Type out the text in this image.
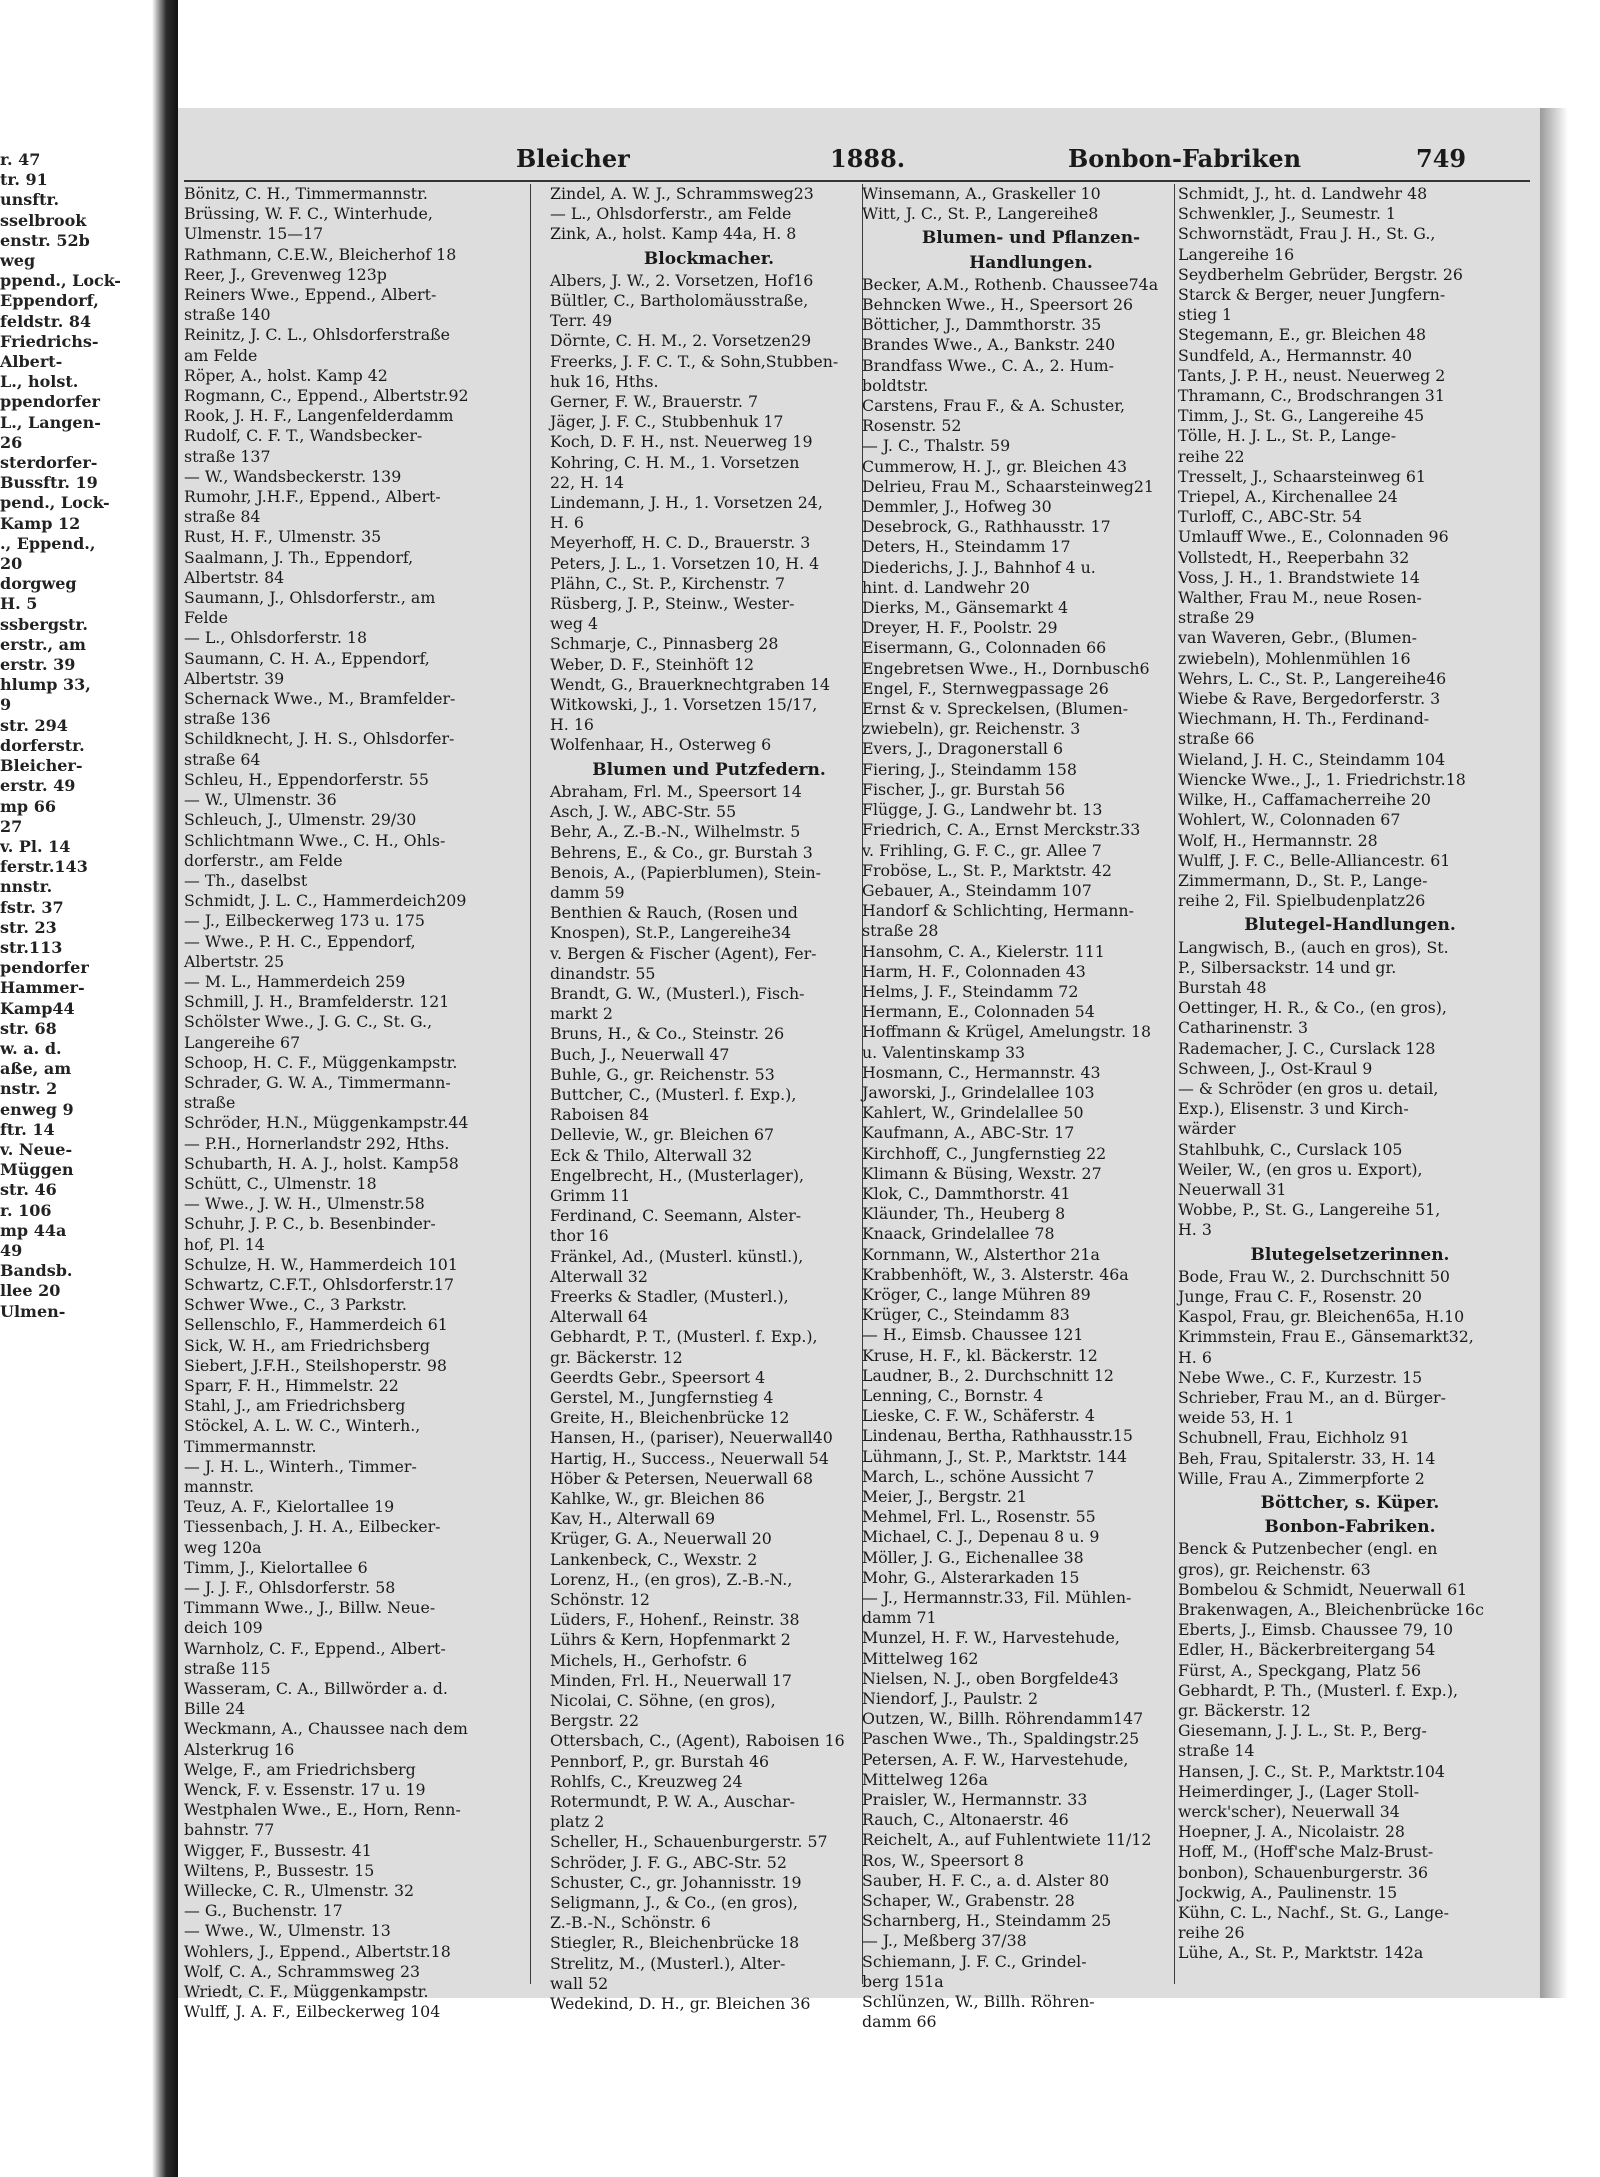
r. 47
tr. 91
unsftr.
sselbrook
enstr. 52b
weg
ppend., Lock-
Eppendorf,
feldstr. 84
Friedrichs-
Albert-
L., holst.
ppendorfer
L., Langen-
26
sterdorfer-
Bussftr. 19
pend., Lock-
Kamp 12
., Eppend.,
20
dorgweg
H. 5
ssbergstr.
erstr., am
erstr. 39
hlump 33,
9
str. 294
dorferstr.
Bleicher-
erstr. 49
mp 66
27
v. Pl. 14
ferstr.143
nnstr.
fstr. 37
str. 23
str.113
pendorfer
Hammer-
Kamp44
str. 68
w. a. d.
aße, am
nstr. 2
enweg 9
ftr. 14
v. Neue-
Müggen
str. 46
r. 106
mp 44a
49
Bandsb.
llee 20
Ulmen-
Bleicher	1888.	Bonbon-Fabriken	749
Bönitz, C. H., Timmermannstr.
Brüssing, W. F. C., Winterhude,
Ulmenstr. 15—17
Rathmann, C.E.W., Bleicherhof 18
Reer, J., Grevenweg 123p
Reiners Wwe., Eppend., Albert-
straße 140
Reinitz, J. C. L., Ohlsdorferstraße
am Felde
Röper, A., holst. Kamp 42
Rogmann, C., Eppend., Albertstr.92
Rook, J. H. F., Langenfelderdamm
Rudolf, C. F. T., Wandsbecker-
straße 137
— W., Wandsbeckerstr. 139
Rumohr, J.H.F., Eppend., Albert-
straße 84
Rust, H. F., Ulmenstr. 35
Saalmann, J. Th., Eppendorf,
Albertstr. 84
Saumann, J., Ohlsdorferstr., am
Felde
— L., Ohlsdorferstr. 18
Saumann, C. H. A., Eppendorf,
Albertstr. 39
Schernack Wwe., M., Bramfelder-
straße 136
Schildknecht, J. H. S., Ohlsdorfer-
straße 64
Schleu, H., Eppendorferstr. 55
— W., Ulmenstr. 36
Schleuch, J., Ulmenstr. 29/30
Schlichtmann Wwe., C. H., Ohls-
dorferstr., am Felde
— Th., daselbst
Schmidt, J. L. C., Hammerdeich209
— J., Eilbeckerweg 173 u. 175
— Wwe., P. H. C., Eppendorf,
Albertstr. 25
— M. L., Hammerdeich 259
Schmill, J. H., Bramfelderstr. 121
Schölster Wwe., J. G. C., St. G.,
Langereihe 67
Schoop, H. C. F., Müggenkampstr.
Schrader, G. W. A., Timmermann-
straße
Schröder, H.N., Müggenkampstr.44
— P.H., Hornerlandstr 292, Hths.
Schubarth, H. A. J., holst. Kamp58
Schütt, C., Ulmenstr. 18
— Wwe., J. W. H., Ulmenstr.58
Schuhr, J. P. C., b. Besenbinder-
hof, Pl. 14
Schulze, H. W., Hammerdeich 101
Schwartz, C.F.T., Ohlsdorferstr.17
Schwer Wwe., C., 3 Parkstr.
Sellenschlo, F., Hammerdeich 61
Sick, W. H., am Friedrichsberg
Siebert, J.F.H., Steilshoperstr. 98
Sparr, F. H., Himmelstr. 22
Stahl, J., am Friedrichsberg
Stöckel, A. L. W. C., Winterh.,
Timmermannstr.
— J. H. L., Winterh., Timmer-
mannstr.
Teuz, A. F., Kielortallee 19
Tiessenbach, J. H. A., Eilbecker-
weg 120a
Timm, J., Kielortallee 6
— J. J. F., Ohlsdorferstr. 58
Timmann Wwe., J., Billw. Neue-
deich 109
Warnholz, C. F., Eppend., Albert-
straße 115
Wasseram, C. A., Billwörder a. d.
Bille 24
Weckmann, A., Chaussee nach dem
Alsterkrug 16
Welge, F., am Friedrichsberg
Wenck, F. v. Essenstr. 17 u. 19
Westphalen Wwe., E., Horn, Renn-
bahnstr. 77
Wigger, F., Bussestr. 41
Wiltens, P., Bussestr. 15
Willecke, C. R., Ulmenstr. 32
— G., Buchenstr. 17
— Wwe., W., Ulmenstr. 13
Wohlers, J., Eppend., Albertstr.18
Wolf, C. A., Schrammsweg 23
Wriedt, C. F., Müggenkampstr.
Wulff, J. A. F., Eilbeckerweg 104
Zindel, A. W. J., Schrammsweg23
— L., Ohlsdorferstr., am Felde
Zink, A., holst. Kamp 44a, H. 8
Blockmacher.
Albers, J. W., 2. Vorsetzen, Hof16
Bültler, C., Bartholomäusstraße,
Terr. 49
Dörnte, C. H. M., 2. Vorsetzen29
Freerks, J. F. C. T., & Sohn,Stubben-
huk 16, Hths.
Gerner, F. W., Brauerstr. 7
Jäger, J. F. C., Stubbenhuk 17
Koch, D. F. H., nst. Neuerweg 19
Kohring, C. H. M., 1. Vorsetzen
22, H. 14
Lindemann, J. H., 1. Vorsetzen 24,
H. 6
Meyerhoff, H. C. D., Brauerstr. 3
Peters, J. L., 1. Vorsetzen 10, H. 4
Plähn, C., St. P., Kirchenstr. 7
Rüsberg, J. P., Steinw., Wester-
weg 4
Schmarje, C., Pinnasberg 28
Weber, D. F., Steinhöft 12
Wendt, G., Brauerknechtgraben 14
Witkowski, J., 1. Vorsetzen 15/17,
H. 16
Wolfenhaar, H., Osterweg 6
Blumen und Putzfedern.
Abraham, Frl. M., Speersort 14
Asch, J. W., ABC-Str. 55
Behr, A., Z.-B.-N., Wilhelmstr. 5
Behrens, E., & Co., gr. Burstah 3
Benois, A., (Papierblumen), Stein-
damm 59
Benthien & Rauch, (Rosen und
Knospen), St.P., Langereihe34
v. Bergen & Fischer (Agent), Fer-
dinandstr. 55
Brandt, G. W., (Musterl.), Fisch-
markt 2
Bruns, H., & Co., Steinstr. 26
Buch, J., Neuerwall 47
Buhle, G., gr. Reichenstr. 53
Buttcher, C., (Musterl. f. Exp.),
Raboisen 84
Dellevie, W., gr. Bleichen 67
Eck & Thilo, Alterwall 32
Engelbrecht, H., (Musterlager),
Grimm 11
Ferdinand, C. Seemann, Alster-
thor 16
Fränkel, Ad., (Musterl. künstl.),
Alterwall 32
Freerks & Stadler, (Musterl.),
Alterwall 64
Gebhardt, P. T., (Musterl. f. Exp.),
gr. Bäckerstr. 12
Geerdts Gebr., Speersort 4
Gerstel, M., Jungfernstieg 4
Greite, H., Bleichenbrücke 12
Hansen, H., (pariser), Neuerwall40
Hartig, H., Success., Neuerwall 54
Höber & Petersen, Neuerwall 68
Kahlke, W., gr. Bleichen 86
Kav, H., Alterwall 69
Krüger, G. A., Neuerwall 20
Lankenbeck, C., Wexstr. 2
Lorenz, H., (en gros), Z.-B.-N.,
Schönstr. 12
Lüders, F., Hohenf., Reinstr. 38
Lührs & Kern, Hopfenmarkt 2
Michels, H., Gerhofstr. 6
Minden, Frl. H., Neuerwall 17
Nicolai, C. Söhne, (en gros),
Bergstr. 22
Ottersbach, C., (Agent), Raboisen 16
Pennborf, P., gr. Burstah 46
Rohlfs, C., Kreuzweg 24
Rotermundt, P. W. A., Auschar-
platz 2
Scheller, H., Schauenburgerstr. 57
Schröder, J. F. G., ABC-Str. 52
Schuster, C., gr. Johannisstr. 19
Seligmann, J., & Co., (en gros),
Z.-B.-N., Schönstr. 6
Stiegler, R., Bleichenbrücke 18
Strelitz, M., (Musterl.), Alter-
wall 52
Wedekind, D. H., gr. Bleichen 36
Winsemann, A., Graskeller 10
Witt, J. C., St. P., Langereihe8
Blumen- und Pflanzen-
Handlungen.
Becker, A.M., Rothenb. Chaussee74a
Behncken Wwe., H., Speersort 26
Bötticher, J., Dammthorstr. 35
Brandes Wwe., A., Bankstr. 240
Brandfass Wwe., C. A., 2. Hum-
boldtstr.
Carstens, Frau F., & A. Schuster,
Rosenstr. 52
— J. C., Thalstr. 59
Cummerow, H. J., gr. Bleichen 43
Delrieu, Frau M., Schaarsteinweg21
Demmler, J., Hofweg 30
Desebrock, G., Rathhausstr. 17
Deters, H., Steindamm 17
Diederichs, J. J., Bahnhof 4 u.
hint. d. Landwehr 20
Dierks, M., Gänsemarkt 4
Dreyer, H. F., Poolstr. 29
Eisermann, G., Colonnaden 66
Engebretsen Wwe., H., Dornbusch6
Engel, F., Sternwegpassage 26
Ernst & v. Spreckelsen, (Blumen-
zwiebeln), gr. Reichenstr. 3
Evers, J., Dragonerstall 6
Fiering, J., Steindamm 158
Fischer, J., gr. Burstah 56
Flügge, J. G., Landwehr bt. 13
Friedrich, C. A., Ernst Merckstr.33
v. Frihling, G. F. C., gr. Allee 7
Froböse, L., St. P., Marktstr. 42
Gebauer, A., Steindamm 107
Handorf & Schlichting, Hermann-
straße 28
Hansohm, C. A., Kielerstr. 111
Harm, H. F., Colonnaden 43
Helms, J. F., Steindamm 72
Hermann, E., Colonnaden 54
Hoffmann & Krügel, Amelungstr. 18
u. Valentinskamp 33
Hosmann, C., Hermannstr. 43
Jaworski, J., Grindelallee 103
Kahlert, W., Grindelallee 50
Kaufmann, A., ABC-Str. 17
Kirchhoff, C., Jungfernstieg 22
Klimann & Büsing, Wexstr. 27
Klok, C., Dammthorstr. 41
Kläunder, Th., Heuberg 8
Knaack, Grindelallee 78
Kornmann, W., Alsterthor 21a
Krabbenhöft, W., 3. Alsterstr. 46a
Kröger, C., lange Mühren 89
Krüger, C., Steindamm 83
— H., Eimsb. Chaussee 121
Kruse, H. F., kl. Bäckerstr. 12
Laudner, B., 2. Durchschnitt 12
Lenning, C., Bornstr. 4
Lieske, C. F. W., Schäferstr. 4
Lindenau, Bertha, Rathhausstr.15
Lühmann, J., St. P., Marktstr. 144
March, L., schöne Aussicht 7
Meier, J., Bergstr. 21
Mehmel, Frl. L., Rosenstr. 55
Michael, C. J., Depenau 8 u. 9
Möller, J. G., Eichenallee 38
Mohr, G., Alsterarkaden 15
— J., Hermannstr.33, Fil. Mühlen-
damm 71
Munzel, H. F. W., Harvestehude,
Mittelweg 162
Nielsen, N. J., oben Borgfelde43
Niendorf, J., Paulstr. 2
Outzen, W., Billh. Röhrendamm147
Paschen Wwe., Th., Spaldingstr.25
Petersen, A. F. W., Harvestehude,
Mittelweg 126a
Praisler, W., Hermannstr. 33
Rauch, C., Altonaerstr. 46
Reichelt, A., auf Fuhlentwiete 11/12
Ros, W., Speersort 8
Sauber, H. F. C., a. d. Alster 80
Schaper, W., Grabenstr. 28
Scharnberg, H., Steindamm 25
— J., Meßberg 37/38
Schiemann, J. F. C., Grindel-
berg 151a
Schlünzen, W., Billh. Röhren-
damm 66
Schmidt, J., ht. d. Landwehr 48
Schwenkler, J., Seumestr. 1
Schwornstädt, Frau J. H., St. G.,
Langereihe 16
Seydberhelm Gebrüder, Bergstr. 26
Starck & Berger, neuer Jungfern-
stieg 1
Stegemann, E., gr. Bleichen 48
Sundfeld, A., Hermannstr. 40
Tants, J. P. H., neust. Neuerweg 2
Thramann, C., Brodschrangen 31
Timm, J., St. G., Langereihe 45
Tölle, H. J. L., St. P., Lange-
reihe 22
Tresselt, J., Schaarsteinweg 61
Triepel, A., Kirchenallee 24
Turloff, C., ABC-Str. 54
Umlauff Wwe., E., Colonnaden 96
Vollstedt, H., Reeperbahn 32
Voss, J. H., 1. Brandstwiete 14
Walther, Frau M., neue Rosen-
straße 29
van Waveren, Gebr., (Blumen-
zwiebeln), Mohlenmühlen 16
Wehrs, L. C., St. P., Langereihe46
Wiebe & Rave, Bergedorferstr. 3
Wiechmann, H. Th., Ferdinand-
straße 66
Wieland, J. H. C., Steindamm 104
Wiencke Wwe., J., 1. Friedrichstr.18
Wilke, H., Caffamacherreihe 20
Wohlert, W., Colonnaden 67
Wolf, H., Hermannstr. 28
Wulff, J. F. C., Belle-Alliancestr. 61
Zimmermann, D., St. P., Lange-
reihe 2, Fil. Spielbudenplatz26
Blutegel-Handlungen.
Langwisch, B., (auch en gros), St.
P., Silbersackstr. 14 und gr.
Burstah 48
Oettinger, H. R., & Co., (en gros),
Catharinenstr. 3
Rademacher, J. C., Curslack 128
Schween, J., Ost-Kraul 9
— & Schröder (en gros u. detail,
Exp.), Elisenstr. 3 und Kirch-
wärder
Stahlbuhk, C., Curslack 105
Weiler, W., (en gros u. Export),
Neuerwall 31
Wobbe, P., St. G., Langereihe 51,
H. 3
Blutegelsetzerinnen.
Bode, Frau W., 2. Durchschnitt 50
Junge, Frau C. F., Rosenstr. 20
Kaspol, Frau, gr. Bleichen65a, H.10
Krimmstein, Frau E., Gänsemarkt32,
H. 6
Nebe Wwe., C. F., Kurzestr. 15
Schrieber, Frau M., an d. Bürger-
weide 53, H. 1
Schubnell, Frau, Eichholz 91
Beh, Frau, Spitalerstr. 33, H. 14
Wille, Frau A., Zimmerpforte 2
Böttcher, s. Küper.
Bonbon-Fabriken.
Benck & Putzenbecher (engl. en
gros), gr. Reichenstr. 63
Bombelou & Schmidt, Neuerwall 61
Brakenwagen, A., Bleichenbrücke 16c
Eberts, J., Eimsb. Chaussee 79, 10
Edler, H., Bäckerbreitergang 54
Fürst, A., Speckgang, Platz 56
Gebhardt, P. Th., (Musterl. f. Exp.),
gr. Bäckerstr. 12
Giesemann, J. J. L., St. P., Berg-
straße 14
Hansen, J. C., St. P., Marktstr.104
Heimerdinger, J., (Lager Stoll-
werck'scher), Neuerwall 34
Hoepner, J. A., Nicolaistr. 28
Hoff, M., (Hoff'sche Malz-Brust-
bonbon), Schauenburgerstr. 36
Jockwig, A., Paulinenstr. 15
Kühn, C. L., Nachf., St. G., Lange-
reihe 26
Lühe, A., St. P., Marktstr. 142a
